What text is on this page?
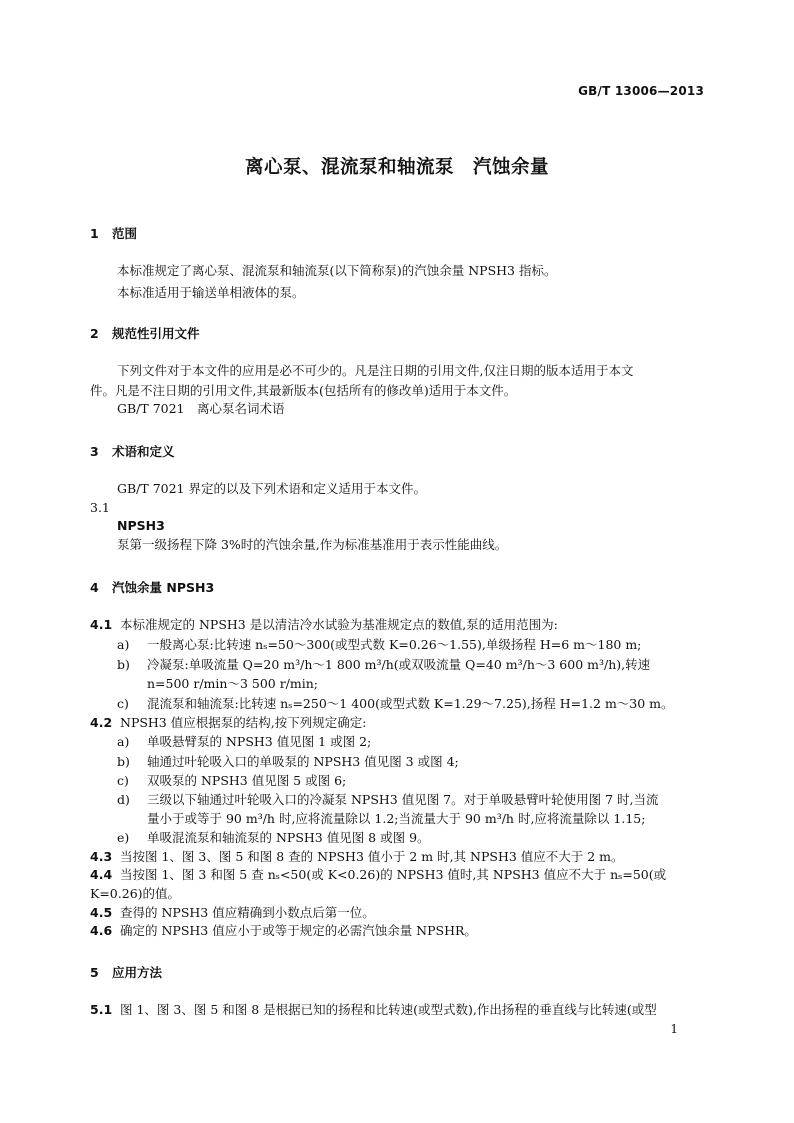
GB/T 13006—2013
离心泵、混流泵和轴流泵　汽蚀余量
1 范围
本标准规定了离心泵、混流泵和轴流泵(以下简称泵)的汽蚀余量 NPSH3 指标。
本标准适用于输送单相液体的泵。
2 规范性引用文件
下列文件对于本文件的应用是必不可少的。凡是注日期的引用文件,仅注日期的版本适用于本文
件。凡是不注日期的引用文件,其最新版本(包括所有的修改单)适用于本文件。
GB/T 7021　离心泵名词术语
3 术语和定义
GB/T 7021 界定的以及下列术语和定义适用于本文件。
3.1
NPSH3
泵第一级扬程下降 3%时的汽蚀余量,作为标准基准用于表示性能曲线。
4 汽蚀余量 NPSH3
4.1 本标准规定的 NPSH3 是以清洁冷水试验为基准规定点的数值,泵的适用范围为:
a) 一般离心泵:比转速 nₛ=50～300(或型式数 K=0.26～1.55),单级扬程 H=6 m～180 m;
b) 冷凝泵:单吸流量 Q=20 m³/h～1 800 m³/h(或双吸流量 Q=40 m³/h～3 600 m³/h),转速
n=500 r/min～3 500 r/min;
c) 混流泵和轴流泵:比转速 nₛ=250～1 400(或型式数 K=1.29～7.25),扬程 H=1.2 m～30 m。
4.2 NPSH3 值应根据泵的结构,按下列规定确定:
a) 单吸悬臂泵的 NPSH3 值见图 1 或图 2;
b) 轴通过叶轮吸入口的单吸泵的 NPSH3 值见图 3 或图 4;
c) 双吸泵的 NPSH3 值见图 5 或图 6;
d) 三级以下轴通过叶轮吸入口的冷凝泵 NPSH3 值见图 7。对于单吸悬臂叶轮使用图 7 时,当流
量小于或等于 90 m³/h 时,应将流量除以 1.2;当流量大于 90 m³/h 时,应将流量除以 1.15;
e) 单吸混流泵和轴流泵的 NPSH3 值见图 8 或图 9。
4.3 当按图 1、图 3、图 5 和图 8 查的 NPSH3 值小于 2 m 时,其 NPSH3 值应不大于 2 m。
4.4 当按图 1、图 3 和图 5 查 nₛ<50(或 K<0.26)的 NPSH3 值时,其 NPSH3 值应不大于 nₛ=50(或
K=0.26)的值。
4.5 查得的 NPSH3 值应精确到小数点后第一位。
4.6 确定的 NPSH3 值应小于或等于规定的必需汽蚀余量 NPSHR。
5 应用方法
5.1 图 1、图 3、图 5 和图 8 是根据已知的扬程和比转速(或型式数),作出扬程的垂直线与比转速(或型
1
